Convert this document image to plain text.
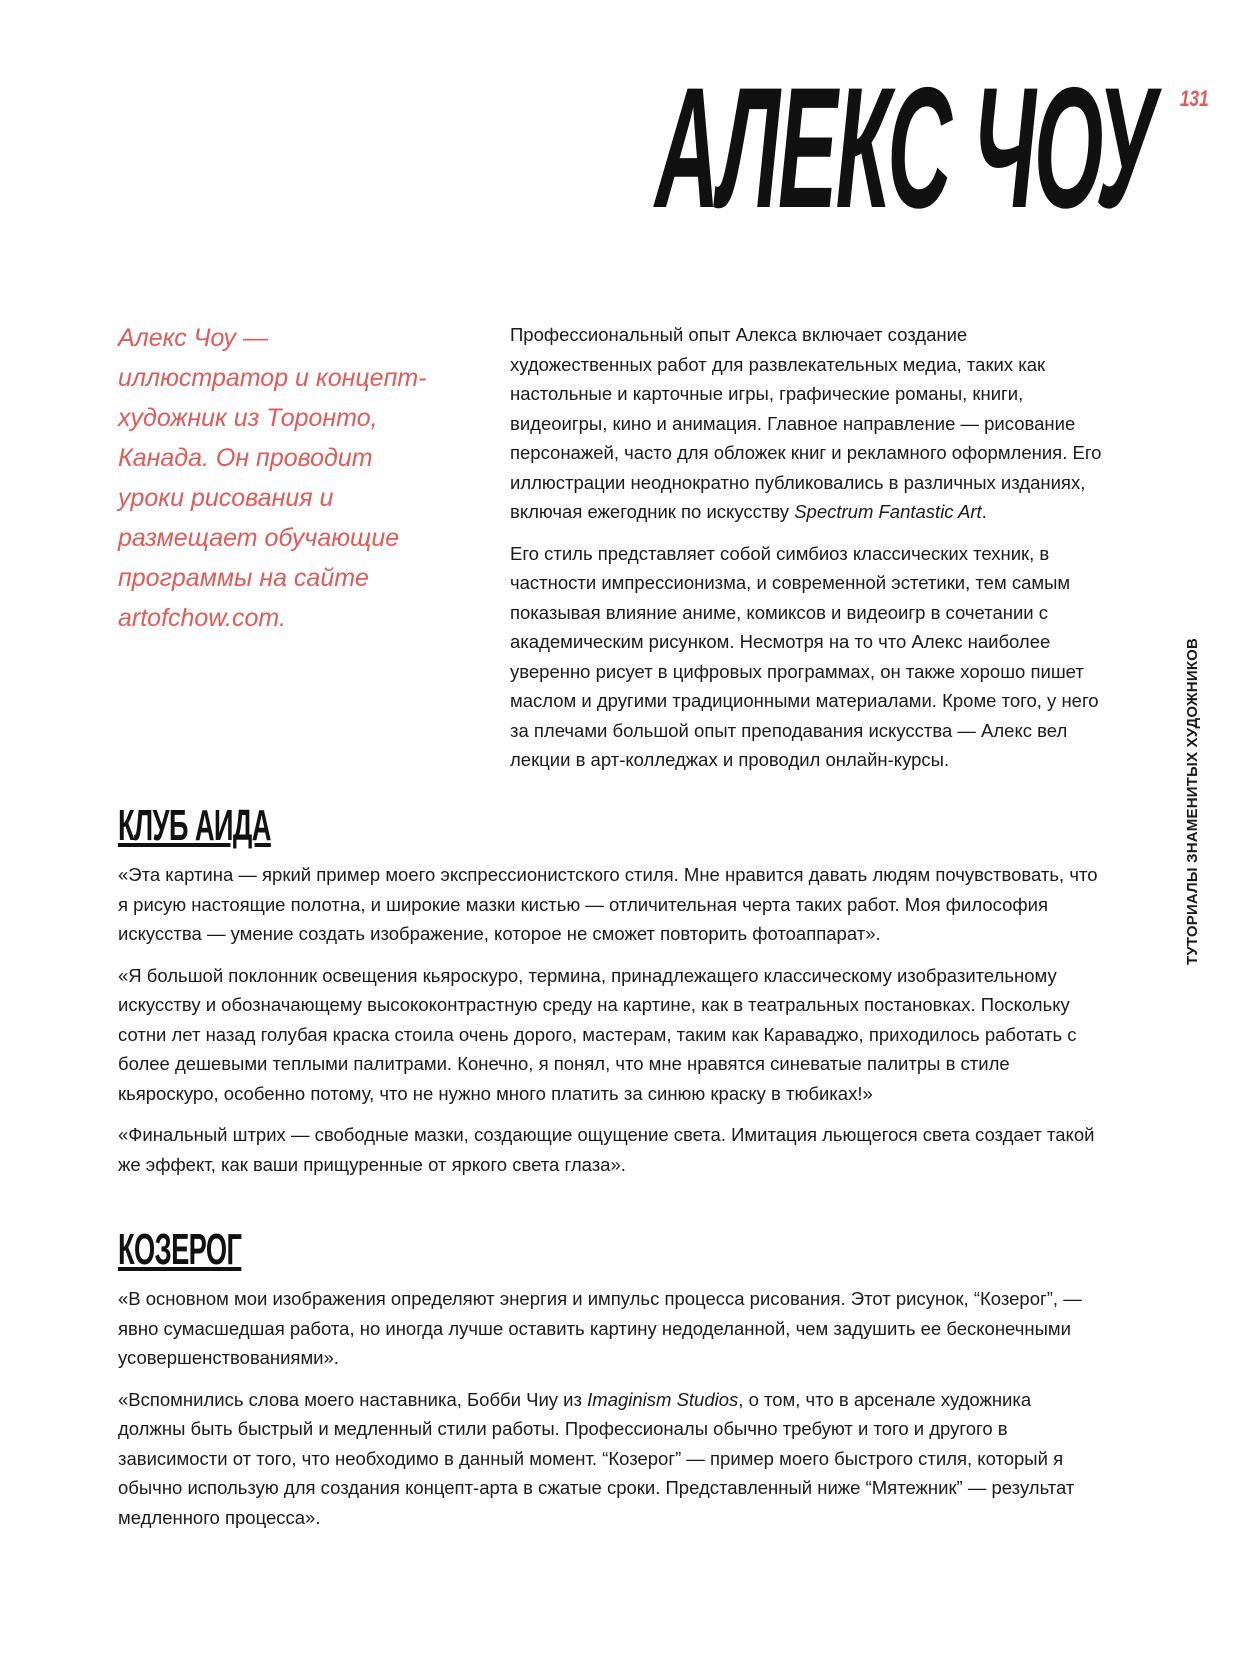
131
АЛЕКС ЧОУ
ТУТОРИАЛЫ ЗНАМЕНИТЫХ ХУДОЖНИКОВ

Алекс Чоу — иллюстратор и концепт-художник из Торонто, Канада. Он проводит уроки рисования и размещает обучающие программы на сайте artofchow.com.

Профессиональный опыт Алекса включает создание художественных работ для развлекательных медиа, таких как настольные и карточные игры, графические романы, книги, видеоигры, кино и анимация. Главное направление — рисование персонажей, часто для обложек книг и рекламного оформления. Его иллюстрации неоднократно публиковались в различных изданиях, включая ежегодник по искусству Spectrum Fantastic Art.

Его стиль представляет собой симбиоз классических техник, в частности импрессионизма, и современной эстетики, тем самым показывая влияние аниме, комиксов и видеоигр в сочетании с академическим рисунком. Несмотря на то что Алекс наиболее уверенно рисует в цифровых программах, он также хорошо пишет маслом и другими традиционными материалами. Кроме того, у него за плечами большой опыт преподавания искусства — Алекс вел лекции в арт-колледжах и проводил онлайн-курсы.

КЛУБ АИДА

«Эта картина — яркий пример моего экспрессионистского стиля. Мне нравится давать людям почувствовать, что я рисую настоящие полотна, и широкие мазки кистью — отличительная черта таких работ. Моя философия искусства — умение создать изображение, которое не сможет повторить фотоаппарат».

«Я большой поклонник освещения кьяроскуро, термина, принадлежащего классическому изобразительному искусству и обозначающему высококонтрастную среду на картине, как в театральных постановках. Поскольку сотни лет назад голубая краска стоила очень дорого, мастерам, таким как Караваджо, приходилось работать с более дешевыми теплыми палитрами. Конечно, я понял, что мне нравятся синеватые палитры в стиле кьяроскуро, особенно потому, что не нужно много платить за синюю краску в тюбиках!»

«Финальный штрих — свободные мазки, создающие ощущение света. Имитация льющегося света создает такой же эффект, как ваши прищуренные от яркого света глаза».

КОЗЕРОГ

«В основном мои изображения определяют энергия и импульс процесса рисования. Этот рисунок, “Козерог”, — явно сумасшедшая работа, но иногда лучше оставить картину недоделанной, чем задушить ее бесконечными усовершенствованиями».

«Вспомнились слова моего наставника, Бобби Чиу из Imaginism Studios, о том, что в арсенале художника должны быть быстрый и медленный стили работы. Профессионалы обычно требуют и того и другого в зависимости от того, что необходимо в данный момент. “Козерог” — пример моего быстрого стиля, который я обычно использую для создания концепт-арта в сжатые сроки. Представленный ниже “Мятежник” — результат медленного процесса».
